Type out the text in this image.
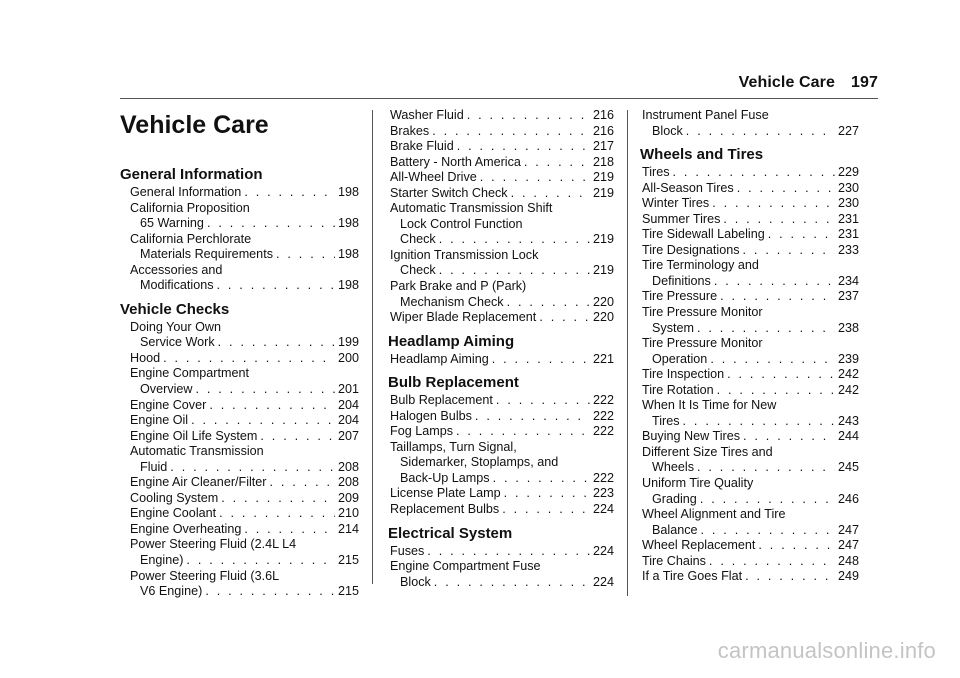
Vehicle Care 197
Vehicle Care
General Information
General Information . . .	198
California Proposition
65 Warning . . .	198
California Perchlorate
Materials Requirements . . .	198
Accessories and
Modifications . . .	198
Vehicle Checks
Doing Your Own
Service Work . . .	199
Hood . . .	200
Engine Compartment
Overview . . .	201
Engine Cover . . .	204
Engine Oil . . .	204
Engine Oil Life System . . .	207
Automatic Transmission
Fluid . . .	208
Engine Air Cleaner/Filter . . .	208
Cooling System . . .	209
Engine Coolant . . .	210
Engine Overheating . . .	214
Power Steering Fluid (2.4L L4
Engine) . . .	215
Power Steering Fluid (3.6L
V6 Engine) . . .	215
Washer Fluid . . .	216
Brakes . . .	216
Brake Fluid . . .	217
Battery - North America . . .	218
All-Wheel Drive . . .	219
Starter Switch Check . . .	219
Automatic Transmission Shift
Lock Control Function
Check . . .	219
Ignition Transmission Lock
Check . . .	219
Park Brake and P (Park)
Mechanism Check . . .	220
Wiper Blade Replacement . . .	220
Headlamp Aiming
Headlamp Aiming . . .	221
Bulb Replacement
Bulb Replacement . . .	222
Halogen Bulbs . . .	222
Fog Lamps . . .	222
Taillamps, Turn Signal,
Sidemarker, Stoplamps, and
Back-Up Lamps . . .	222
License Plate Lamp . . .	223
Replacement Bulbs . . .	224
Electrical System
Fuses . . .	224
Engine Compartment Fuse
Block . . .	224
Instrument Panel Fuse
Block . . .	227
Wheels and Tires
Tires . . .	229
All-Season Tires . . .	230
Winter Tires . . .	230
Summer Tires . . .	231
Tire Sidewall Labeling . . .	231
Tire Designations . . .	233
Tire Terminology and
Definitions . . .	234
Tire Pressure . . .	237
Tire Pressure Monitor
System . . .	238
Tire Pressure Monitor
Operation . . .	239
Tire Inspection . . .	242
Tire Rotation . . .	242
When It Is Time for New
Tires . . .	243
Buying New Tires . . .	244
Different Size Tires and
Wheels . . .	245
Uniform Tire Quality
Grading . . .	246
Wheel Alignment and Tire
Balance . . .	247
Wheel Replacement . . .	247
Tire Chains . . .	248
If a Tire Goes Flat . . .	249
carmanualsonline.info
